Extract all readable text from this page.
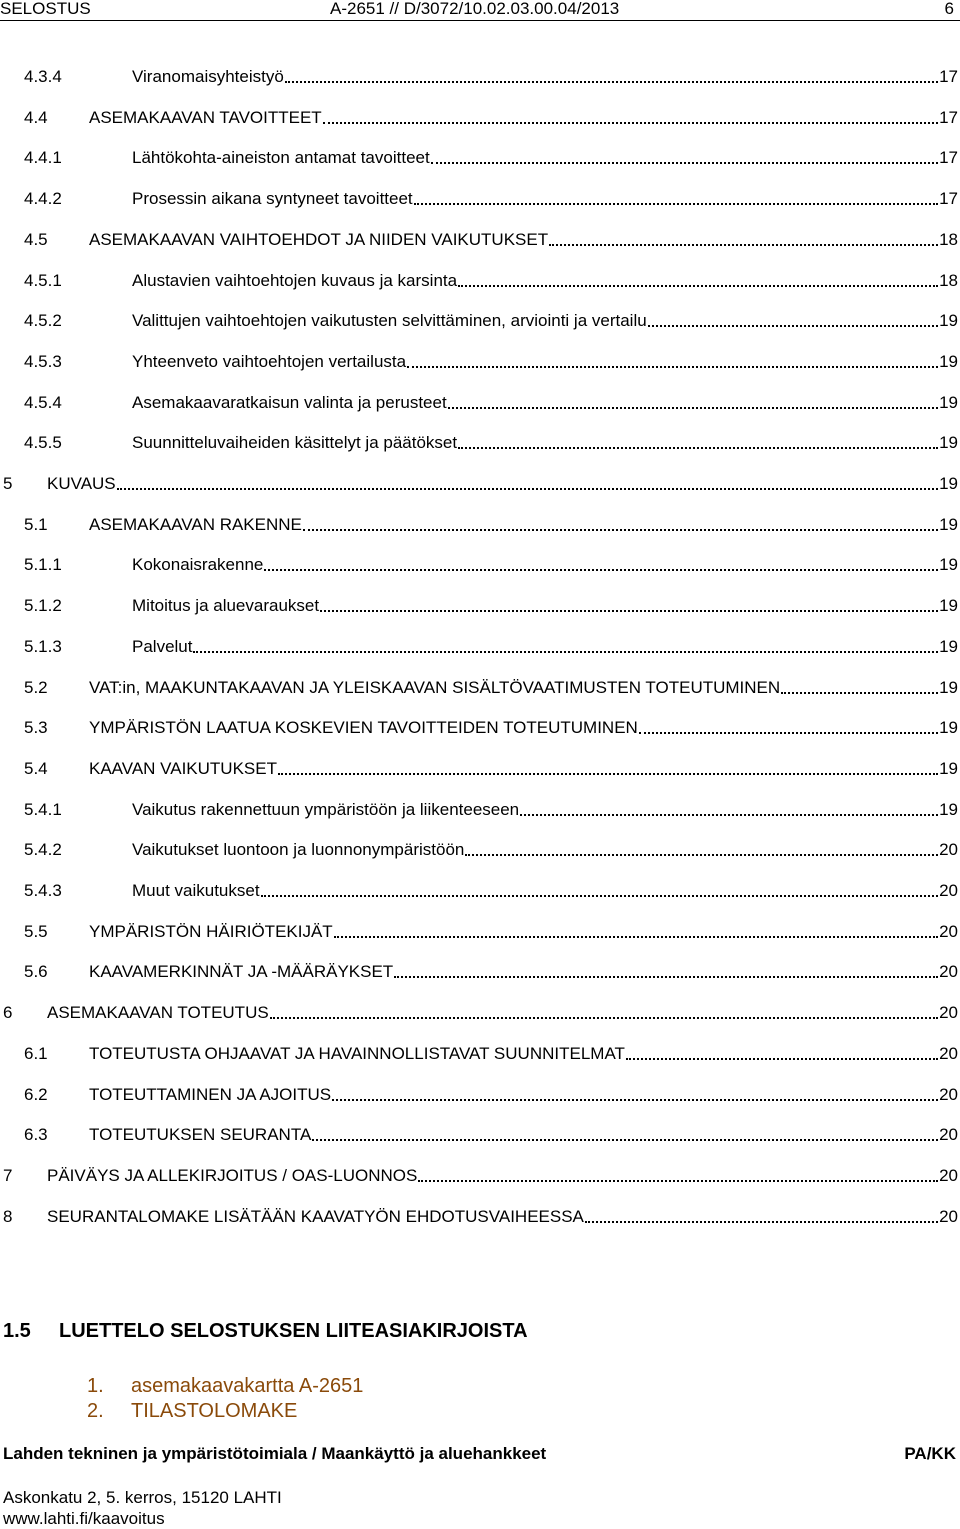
SELOSTUS	A-2651 // D/3072/10.02.03.00.04/2013	6
4.3.4	Viranomaisyhteistyö	17
4.4 ASEMAKAAVAN TAVOITTEET	17
4.4.1	Lähtökohta-aineiston antamat tavoitteet	17
4.4.2	Prosessin aikana syntyneet tavoitteet	17
4.5 ASEMAKAAVAN VAIHTOEHDOT JA NIIDEN VAIKUTUKSET	18
4.5.1	Alustavien vaihtoehtojen kuvaus ja karsinta	18
4.5.2	Valittujen vaihtoehtojen vaikutusten selvittäminen, arviointi ja vertailu	19
4.5.3	Yhteenveto vaihtoehtojen vertailusta	19
4.5.4	Asemakaavaratkaisun valinta ja perusteet	19
4.5.5	Suunnitteluvaiheiden käsittelyt ja päätökset	19
5 KUVAUS	19
5.1 ASEMAKAAVAN RAKENNE	19
5.1.1	Kokonaisrakenne	19
5.1.2	Mitoitus ja aluevaraukset	19
5.1.3	Palvelut	19
5.2 VAT:in, MAAKUNTAKAAVAN JA YLEISKAAVAN SISÄLTÖVAATIMUSTEN TOTEUTUMINEN	19
5.3 YMPÄRISTÖN LAATUA KOSKEVIEN TAVOITTEIDEN TOTEUTUMINEN	19
5.4 KAAVAN VAIKUTUKSET	19
5.4.1	Vaikutus rakennettuun ympäristöön ja liikenteeseen	19
5.4.2	Vaikutukset luontoon ja luonnonympäristöön	20
5.4.3	Muut vaikutukset	20
5.5 YMPÄRISTÖN HÄIRIÖTEKIJÄT	20
5.6 KAAVAMERKINNÄT JA -MÄÄRÄYKSET	20
6 ASEMAKAAVAN TOTEUTUS	20
6.1 TOTEUTUSTA OHJAAVAT JA HAVAINNOLLISTAVAT SUUNNITELMAT	20
6.2 TOTEUTTAMINEN JA AJOITUS	20
6.3 TOTEUTUKSEN SEURANTA	20
7 PÄIVÄYS JA ALLEKIRJOITUS / OAS-LUONNOS	20
8 SEURANTALOMAKE LISÄTÄÄN KAAVATYÖN EHDOTUSVAIHEESSA	20
1.5 LUETTELO SELOSTUKSEN LIITEASIAKIRJOISTA
1. asemakaavakartta A-2651
2. TILASTOLOMAKE
Lahden tekninen ja ympäristötoimiala / Maankäyttö ja aluehankkeet	PA/KK
Askonkatu 2, 5. kerros, 15120 LAHTI
www.lahti.fi/kaavoitus
